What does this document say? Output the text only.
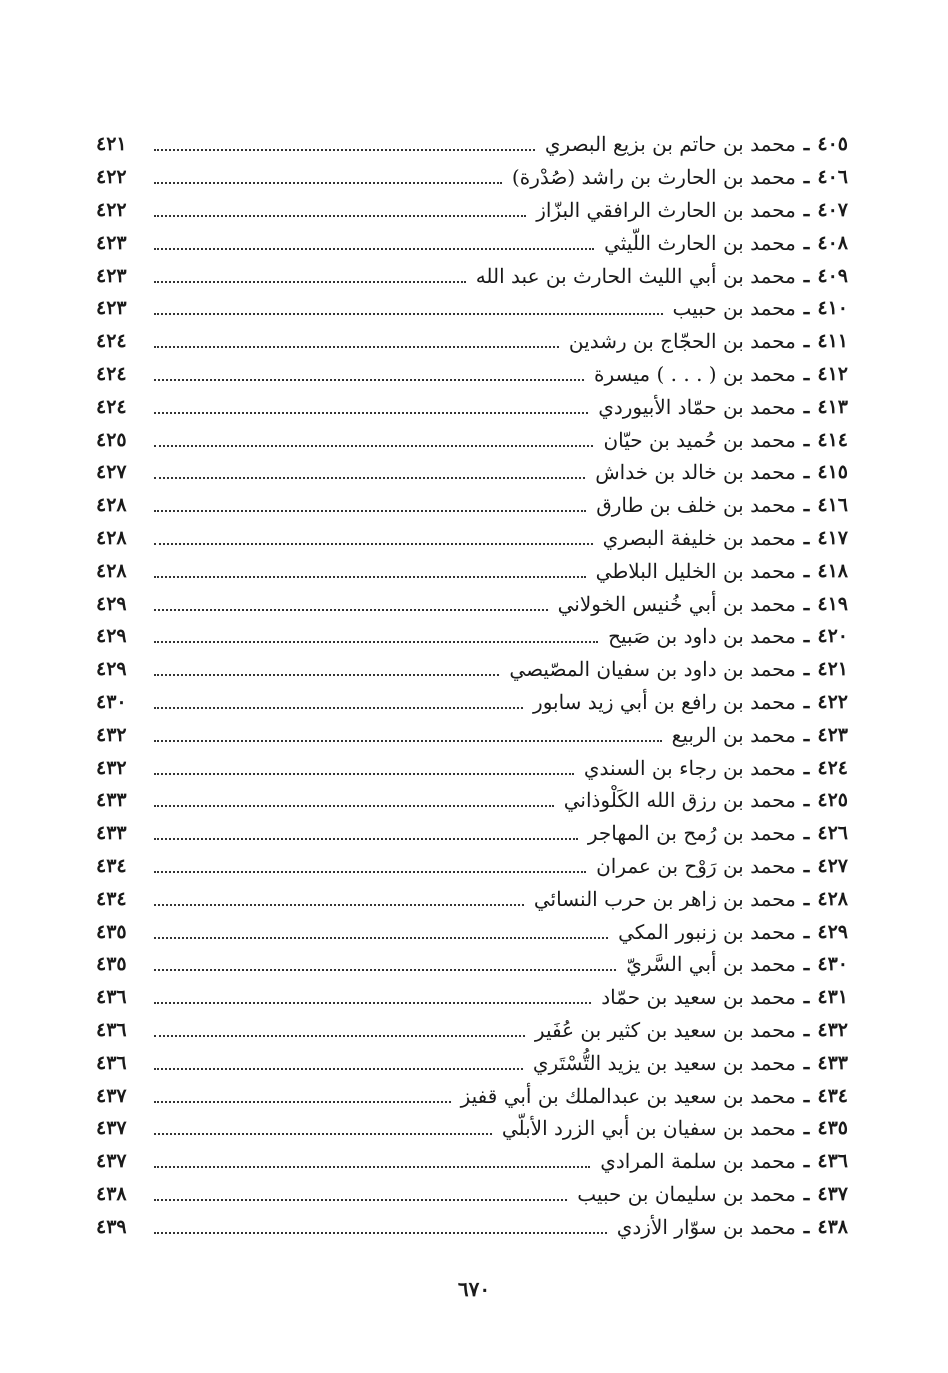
٤٠٥
ـ
محمد بن حاتم بن بزيع البصري
٤٢١
٤٠٦
ـ
محمد بن الحارث بن راشد (صُدْرة)
٤٢٢
٤٠٧
ـ
محمد بن الحارث الرافقي البزّاز
٤٢٢
٤٠٨
ـ
محمد بن الحارث اللّيثي
٤٢٣
٤٠٩
ـ
محمد بن أبي الليث الحارث بن عبد الله
٤٢٣
٤١٠
ـ
محمد بن حبيب
٤٢٣
٤١١
ـ
محمد بن الحجّاج بن رشدين
٤٢٤
٤١٢
ـ
محمد بن ( . . . ) ميسرة
٤٢٤
٤١٣
ـ
محمد بن حمّاد الأبيوردي
٤٢٤
٤١٤
ـ
محمد بن حُميد بن حيّان
٤٢٥
٤١٥
ـ
محمد بن خالد بن خداش
٤٢٧
٤١٦
ـ
محمد بن خلف بن طارق
٤٢٨
٤١٧
ـ
محمد بن خليفة البصري
٤٢٨
٤١٨
ـ
محمد بن الخليل البلاطي
٤٢٨
٤١٩
ـ
محمد بن أبي خُنيس الخولاني
٤٢٩
٤٢٠
ـ
محمد بن داود بن صَبيح
٤٢٩
٤٢١
ـ
محمد بن داود بن سفيان المصّيصي
٤٢٩
٤٢٢
ـ
محمد بن رافع بن أبي زيد سابور
٤٣٠
٤٢٣
ـ
محمد بن الربيع
٤٣٢
٤٢٤
ـ
محمد بن رجاء بن السندي
٤٣٢
٤٢٥
ـ
محمد بن رزق الله الكَلْوذاني
٤٣٣
٤٢٦
ـ
محمد بن رُمح بن المهاجر
٤٣٣
٤٢٧
ـ
محمد بن رَوْح بن عمران
٤٣٤
٤٢٨
ـ
محمد بن زاهر بن حرب النسائي
٤٣٤
٤٢٩
ـ
محمد بن زنبور المكي
٤٣٥
٤٣٠
ـ
محمد بن أبي السَّريّ
٤٣٥
٤٣١
ـ
محمد بن سعيد بن حمّاد
٤٣٦
٤٣٢
ـ
محمد بن سعيد بن كثير بن عُفَير
٤٣٦
٤٣٣
ـ
محمد بن سعيد بن يزيد التُّسْتَري
٤٣٦
٤٣٤
ـ
محمد بن سعيد بن عبدالملك بن أبي قفيز
٤٣٧
٤٣٥
ـ
محمد بن سفيان بن أبي الزرد الأبلّي
٤٣٧
٤٣٦
ـ
محمد بن سلمة المرادي
٤٣٧
٤٣٧
ـ
محمد بن سليمان بن حبيب
٤٣٨
٤٣٨
ـ
محمد بن سوّار الأزدي
٤٣٩
٦٧٠
